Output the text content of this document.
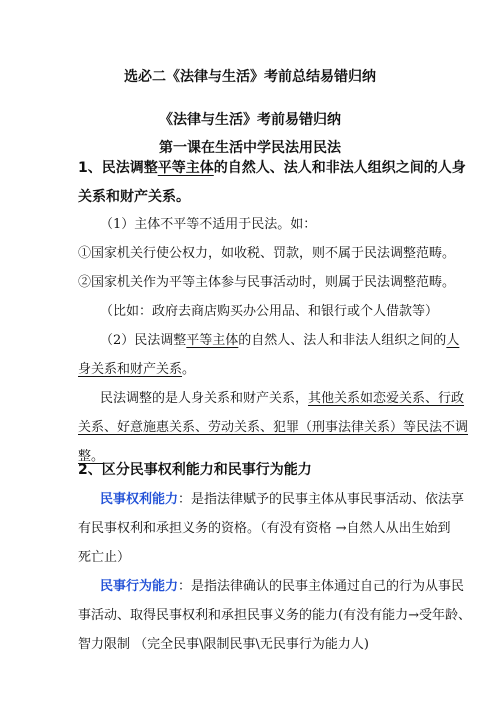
选必二《法律与生活》考前总结易错归纳
《法律与生活》考前易错归纳
第一课在生活中学民法用民法
1、民法调整平等主体的自然人、法人和非法人组织之间的人身
关系和财产关系。
（1）主体不平等不适用于民法。如：
①国家机关行使公权力，如收税、罚款，则不属于民法调整范畴。
②国家机关作为平等主体参与民事活动时，则属于民法调整范畴。
（比如：政府去商店购买办公用品、和银行或个人借款等）
（2）民法调整平等主体的自然人、法人和非法人组织之间的人
身关系和财产关系。
民法调整的是人身关系和财产关系，其他关系如恋爱关系、行政
关系、好意施惠关系、劳动关系、犯罪（刑事法律关系）等民法不调
整。
2、区分民事权利能力和民事行为能力
民事权利能力：是指法律赋予的民事主体从事民事活动、依法享
有民事权利和承担义务的资格。（有没有资格 →自然人从出生始到
死亡止）
民事行为能力：是指法律确认的民事主体通过自己的行为从事民
事活动、取得民事权利和承担民事义务的能力(有没有能力→受年龄、
智力限制 （完全民事\限制民事\无民事行为能力人)
